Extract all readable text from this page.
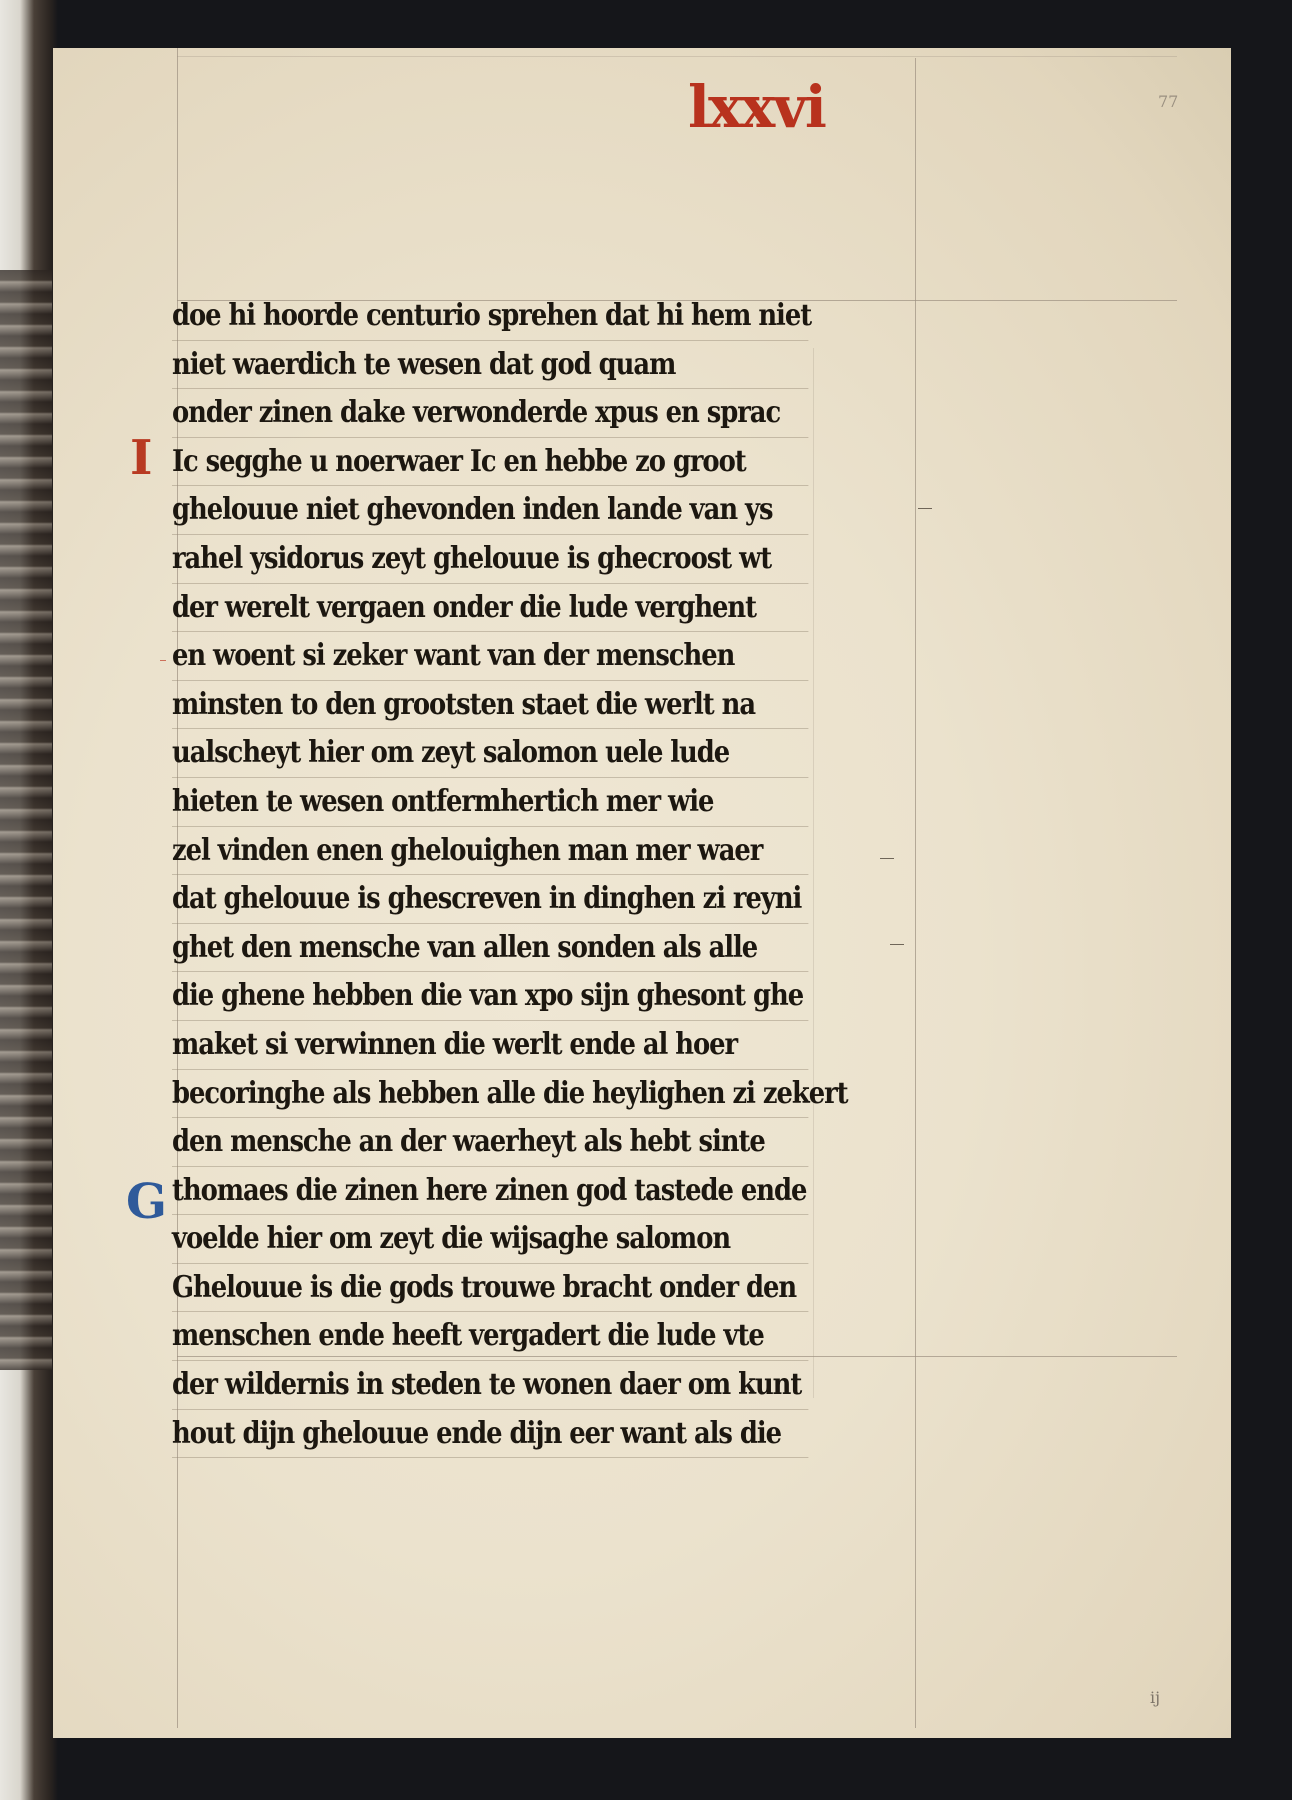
lxxvi	77
I
G
doe hi hoorde centurio sprehen dat hi hem niet
niet waerdich te wesen dat god quam
onder zinen dake verwonderde xpus en sprac
Ic segghe u noerwaer Ic en hebbe zo groot
ghelouue niet ghevonden inden lande van ys
rahel ysidorus zeyt ghelouue is ghecroost wt
der werelt vergaen onder die lude verghent
en woent si zeker want van der menschen
minsten to den grootsten staet die werlt na
ualscheyt hier om zeyt salomon uele lude
hieten te wesen ontfermhertich mer wie
zel vinden enen ghelouighen man mer waer
dat ghelouue is ghescreven in dinghen zi reyni
ghet den mensche van allen sonden als alle
die ghene hebben die van xpo sijn ghesont ghe
maket si verwinnen die werlt ende al hoer
becoringhe als hebben alle die heylighen zi zekert
den mensche an der waerheyt als hebt sinte
thomaes die zinen here zinen god tastede ende
voelde hier om zeyt die wijsaghe salomon
Ghelouue is die gods trouwe bracht onder den
menschen ende heeft vergadert die lude vte
der wildernis in steden te wonen daer om kunt
hout dijn ghelouue ende dijn eer want als die
ij
